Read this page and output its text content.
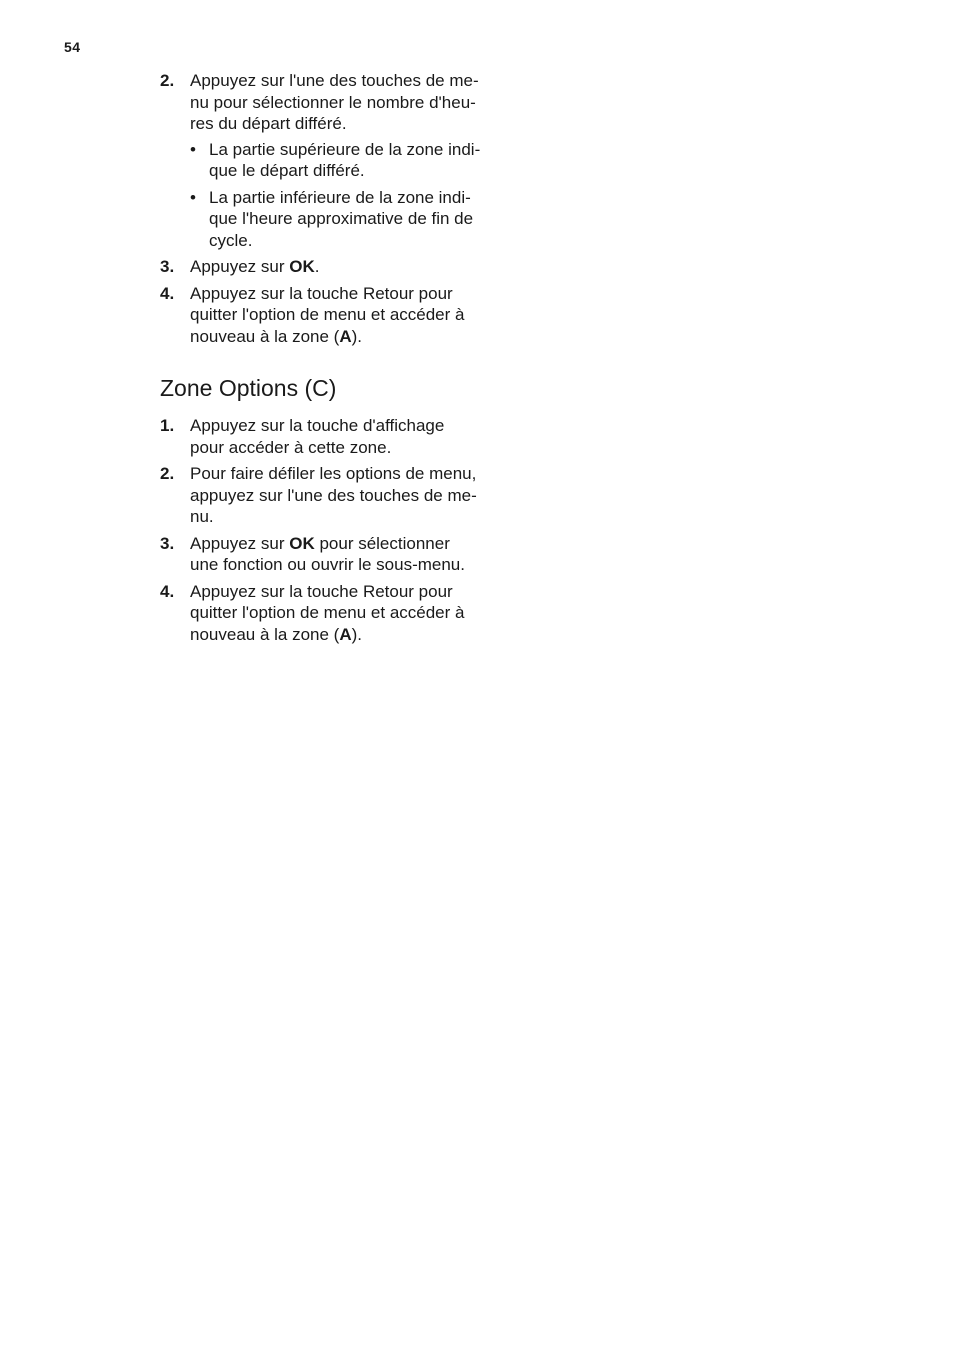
54
2. Appuyez sur l'une des touches de me-
nu pour sélectionner le nombre d'heu-
res du départ différé.
• La partie supérieure de la zone indi-
que le départ différé.
• La partie inférieure de la zone indi-
que l'heure approximative de fin de
cycle.
3. Appuyez sur OK.
4. Appuyez sur la touche Retour pour
quitter l'option de menu et accéder à
nouveau à la zone (A).
Zone Options (C)
1. Appuyez sur la touche d'affichage
pour accéder à cette zone.
2. Pour faire défiler les options de menu,
appuyez sur l'une des touches de me-
nu.
3. Appuyez sur OK pour sélectionner
une fonction ou ouvrir le sous-menu.
4. Appuyez sur la touche Retour pour
quitter l'option de menu et accéder à
nouveau à la zone (A).
